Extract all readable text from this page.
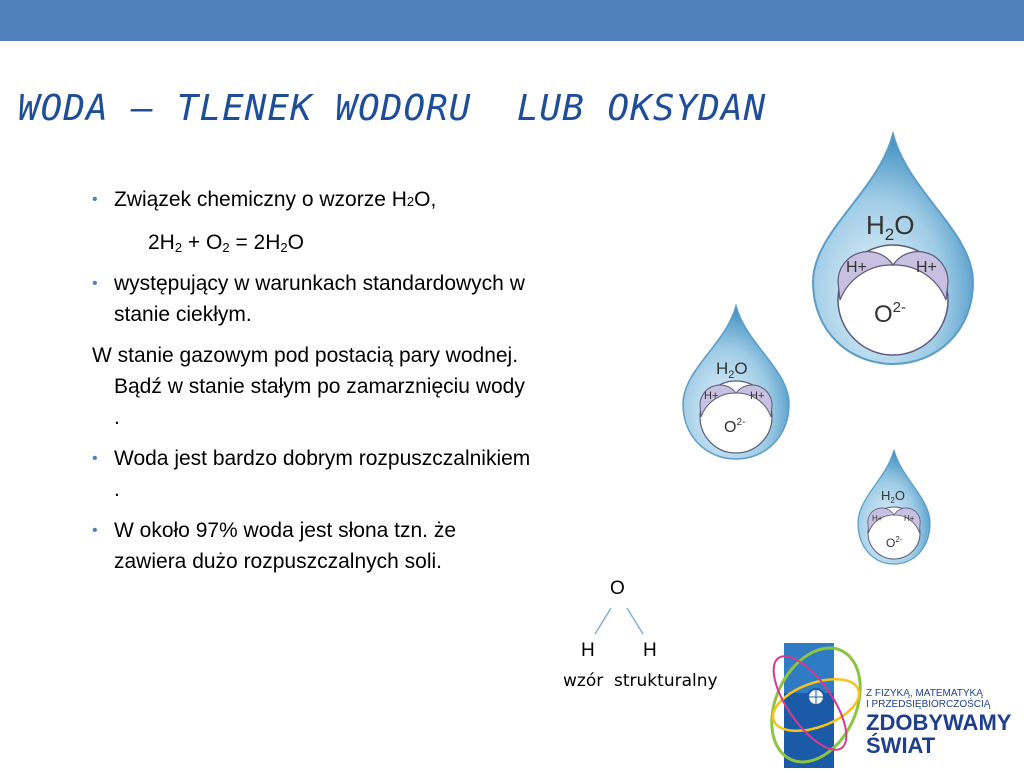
WODA – TLENEK WODORU  LUB OKSYDAN
• Związek chemiczny o wzorze H2O,
$2H_2 + O_2 = 2H_2O$
• występujący w warunkach standardowych w stanie ciekłym.
W stanie gazowym pod postacią pary wodnej. Bądź w stanie stałym po zamarznięciu wody .
• Woda jest bardzo dobrym rozpuszczalnikiem .
• W około 97% woda jest słona tzn. że zawiera dużo rozpuszczalnych soli.
$H_2O$
H+	H+
$O^{2-}$
$H_2O$
H+	H+
$O^{2-}$
$H_2O$
H+	H+
$O^{2-}$
O
H	H
wzór  strukturalny
Z FIZYKĄ, MATEMATYKĄ
I PRZEDSIĘBIORCZOŚCIĄ
ZDOBYWAMY
ŚWIAT
